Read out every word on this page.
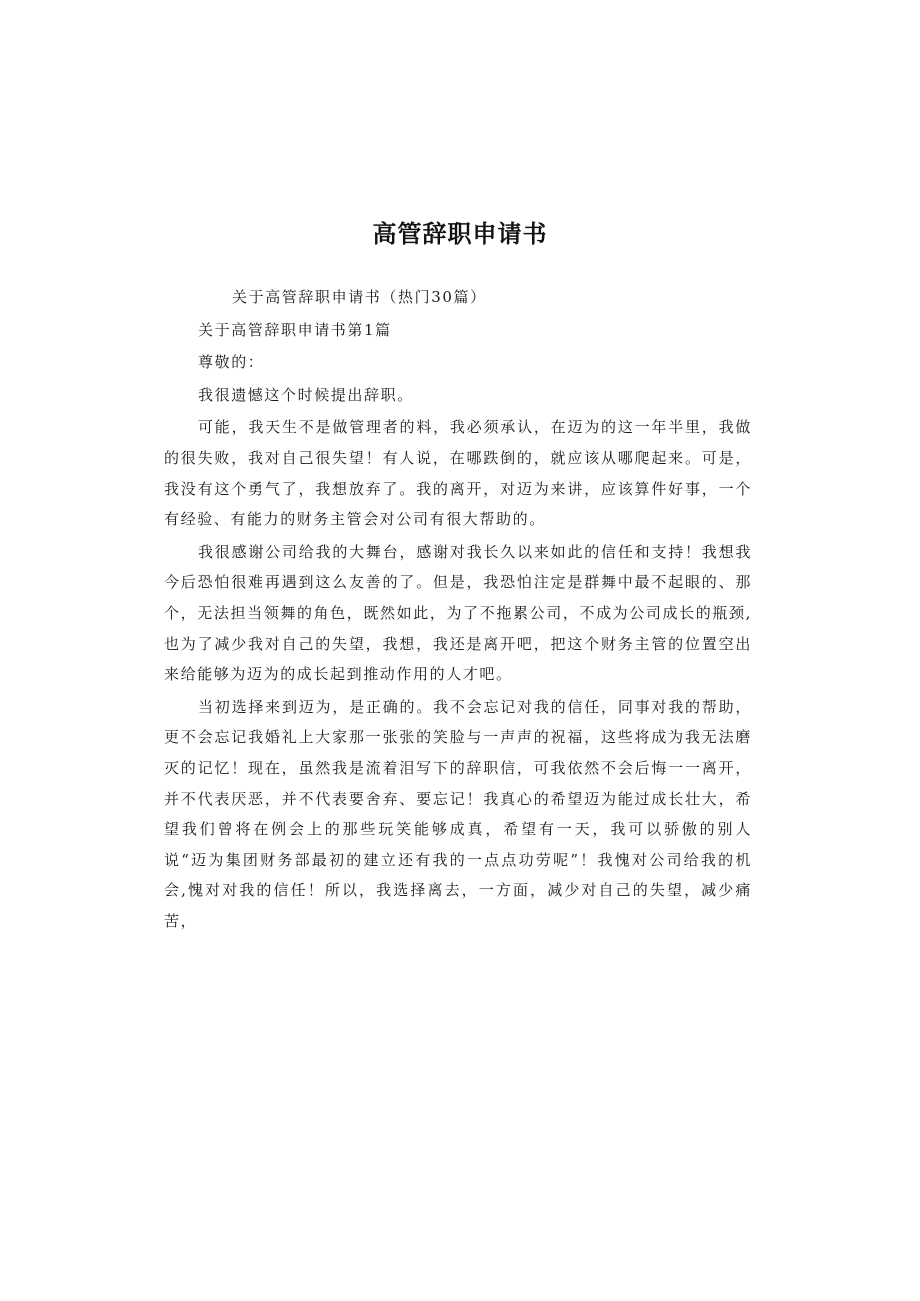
高管辞职申请书

关于高管辞职申请书（热门30篇）

关于高管辞职申请书第1篇

尊敬的：

我很遗憾这个时候提出辞职。

可能，我天生不是做管理者的料，我必须承认，在迈为的这一年半里，我做的很失败，我对自己很失望！有人说，在哪跌倒的，就应该从哪爬起来。可是，我没有这个勇气了，我想放弃了。我的离开，对迈为来讲，应该算件好事，一个有经验、有能力的财务主管会对公司有很大帮助的。

我很感谢公司给我的大舞台，感谢对我长久以来如此的信任和支持！我想我今后恐怕很难再遇到这么友善的了。但是，我恐怕注定是群舞中最不起眼的、那个，无法担当领舞的角色，既然如此，为了不拖累公司，不成为公司成长的瓶颈,也为了减少我对自己的失望，我想，我还是离开吧，把这个财务主管的位置空出来给能够为迈为的成长起到推动作用的人才吧。

当初选择来到迈为，是正确的。我不会忘记对我的信任，同事对我的帮助，更不会忘记我婚礼上大家那一张张的笑脸与一声声的祝福，这些将成为我无法磨灭的记忆！现在，虽然我是流着泪写下的辞职信，可我依然不会后悔一一离开，并不代表厌恶，并不代表要舍弃、要忘记！我真心的希望迈为能过成长壮大，希望我们曾将在例会上的那些玩笑能够成真，希望有一天，我可以骄傲的别人说“迈为集团财务部最初的建立还有我的一点点功劳呢”！我愧对公司给我的机会,愧对对我的信任！所以，我选择离去，一方面，减少对自己的失望，减少痛苦，
